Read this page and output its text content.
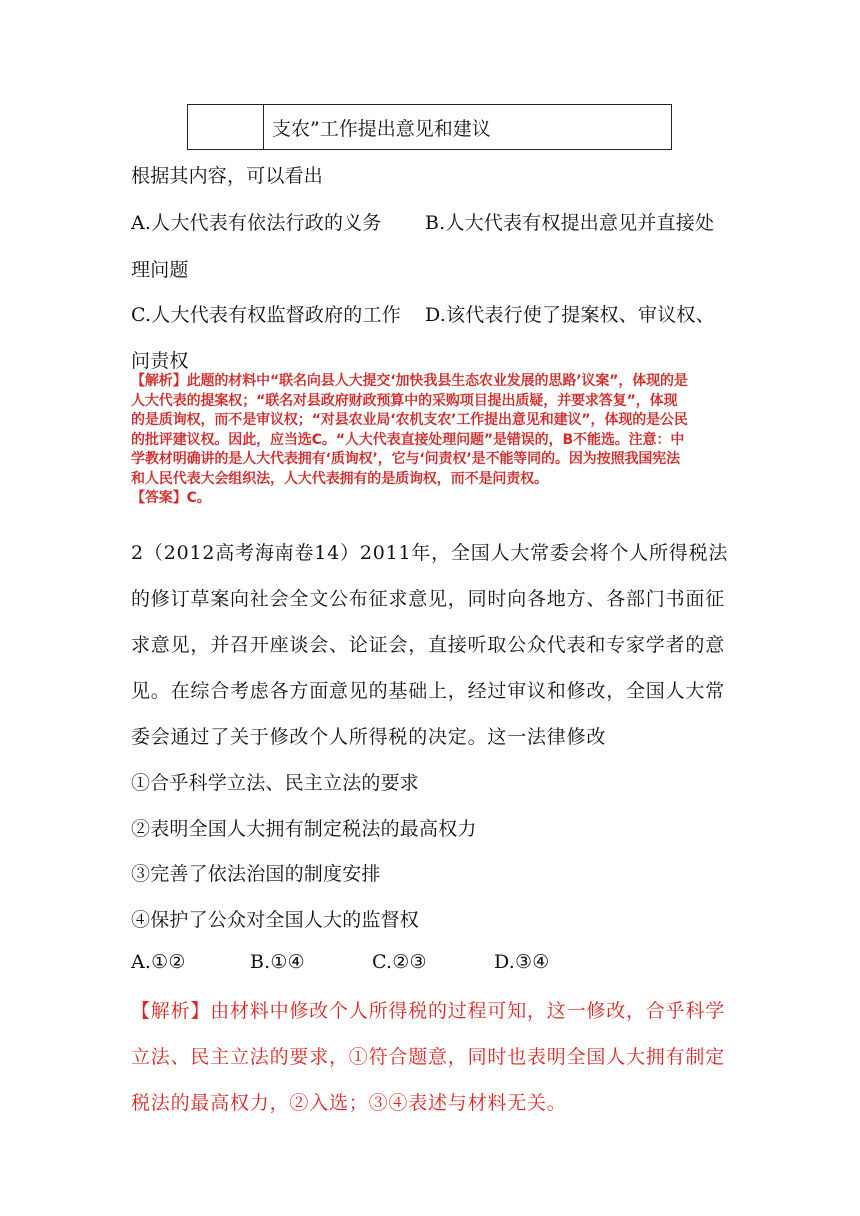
支农”工作提出意见和建议
根据其内容，可以看出
A.人大代表有依法行政的义务 B.人大代表有权提出意见并直接处
理问题
C.人大代表有权监督政府的工作 D.该代表行使了提案权、审议权、
问责权
【解析】此题的材料中“联名向县人大提交‘加快我县生态农业发展的思路’议案”，体现的是
人大代表的提案权；“联名对县政府财政预算中的采购项目提出质疑，并要求答复”，体现
的是质询权，而不是审议权；“对县农业局‘农机支农’工作提出意见和建议”，体现的是公民
的批评建议权。因此，应当选C。“人大代表直接处理问题”是错误的，B不能选。注意：中
学教材明确讲的是人大代表拥有‘质询权’，它与‘问责权’是不能等同的。因为按照我国宪法
和人民代表大会组织法，人大代表拥有的是质询权，而不是问责权。
【答案】C。
2（2012高考海南卷14）2011年，全国人大常委会将个人所得税法
的修订草案向社会全文公布征求意见，同时向各地方、各部门书面征
求意见，并召开座谈会、论证会，直接听取公众代表和专家学者的意
见。在综合考虑各方面意见的基础上，经过审议和修改，全国人大常
委会通过了关于修改个人所得税的决定。这一法律修改
①合乎科学立法、民主立法的要求
②表明全国人大拥有制定税法的最高权力
③完善了依法治国的制度安排
④保护了公众对全国人大的监督权
A.①②	B.①④	C.②③	D.③④
【解析】由材料中修改个人所得税的过程可知，这一修改，合乎科学
立法、民主立法的要求，①符合题意，同时也表明全国人大拥有制定
税法的最高权力，②入选；③④表述与材料无关。
